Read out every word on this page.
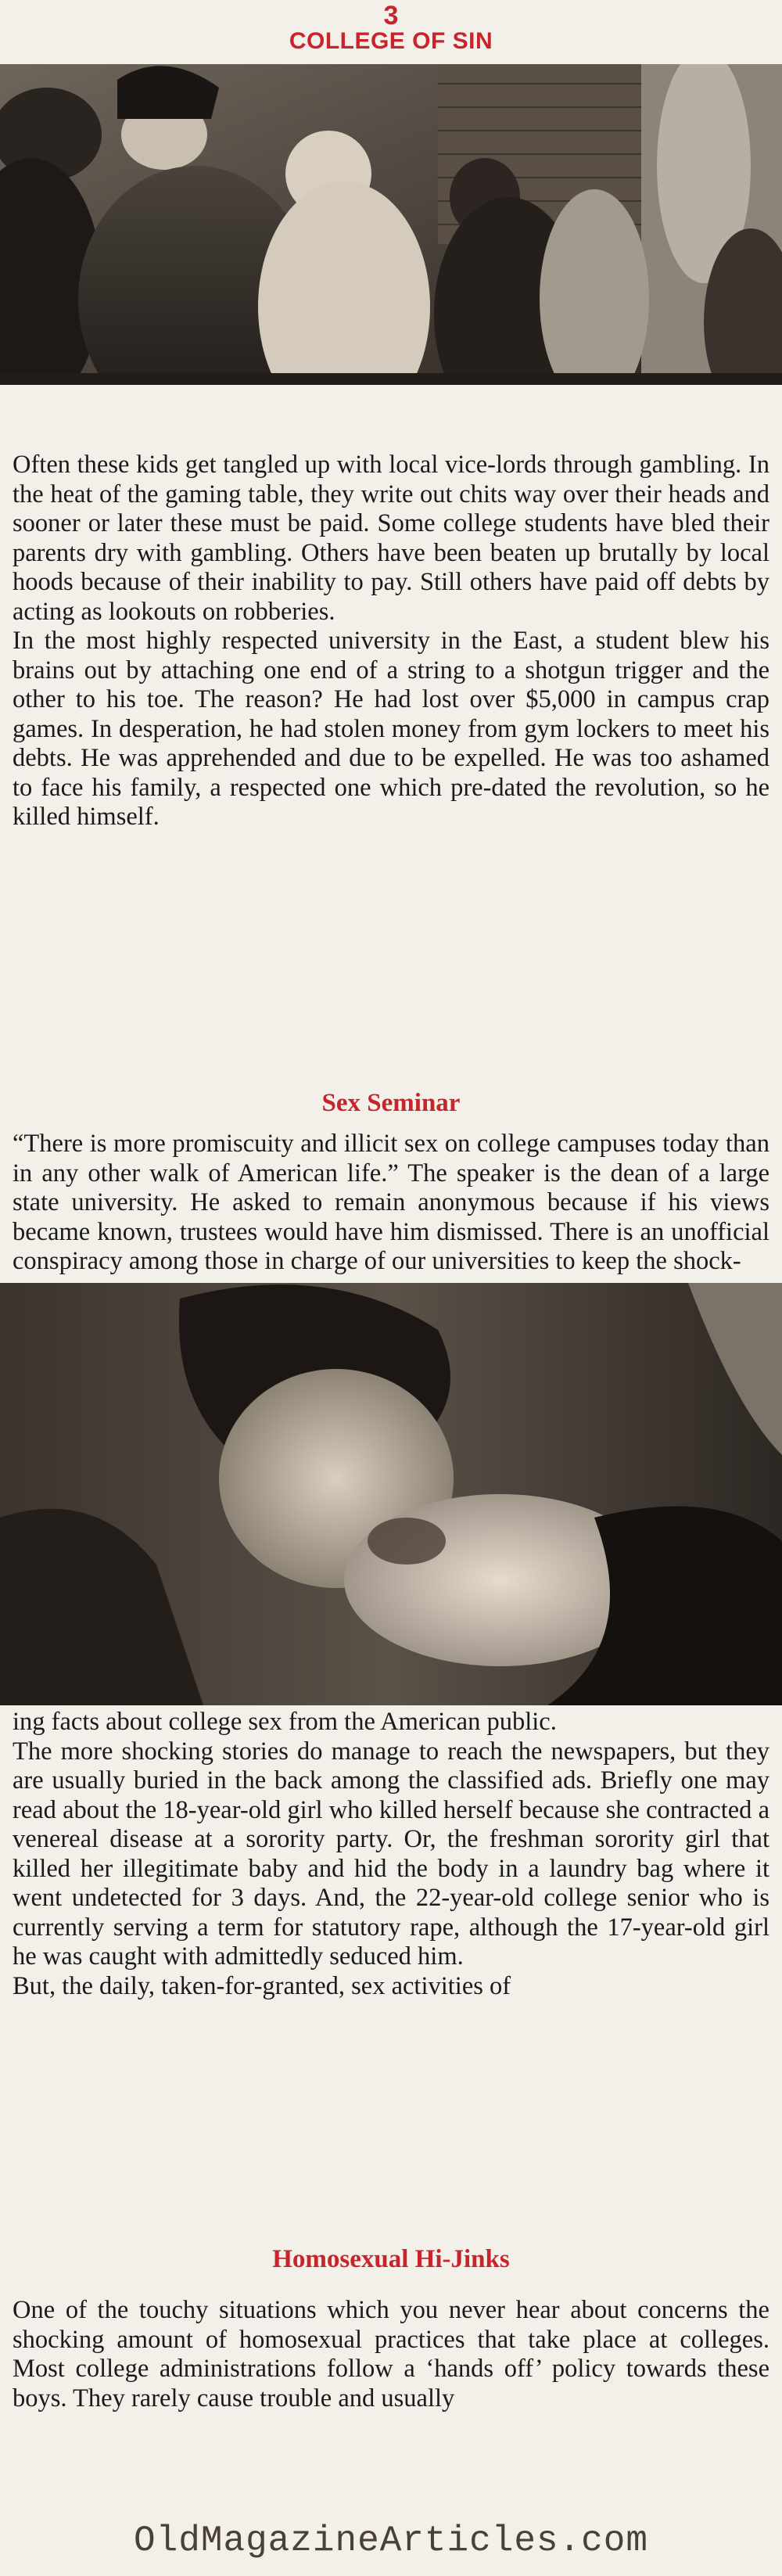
3
COLLEGE OF SIN

Often these kids get tangled up with local vice-lords through gambling. In the heat of the gaming table, they write out chits way over their heads and sooner or later these must be paid. Some college students have bled their parents dry with gambling. Others have been beaten up brutally by local hoods because of their inability to pay. Still others have paid off debts by acting as lookouts on robberies.

In the most highly respected university in the East, a student blew his brains out by attaching one end of a string to a shotgun trigger and the other to his toe. The reason? He had lost over $5,000 in campus crap games. In desperation, he had stolen money from gym lockers to meet his debts. He was apprehended and due to be expelled. He was too ashamed to face his family, a respected one which pre-dated the revolution, so he killed himself.

Sex Seminar

“There is more promiscuity and illicit sex on college campuses today than in any other walk of American life.” The speaker is the dean of a large state university. He asked to remain anonymous because if his views became known, trustees would have him dismissed. There is an unofficial conspiracy among those in charge of our universities to keep the shock-

ing facts about college sex from the American public.

The more shocking stories do manage to reach the newspapers, but they are usually buried in the back among the classified ads. Briefly one may read about the 18-year-old girl who killed herself because she contracted a venereal disease at a sorority party. Or, the freshman sorority girl that killed her illegitimate baby and hid the body in a laundry bag where it went undetected for 3 days. And, the 22-year-old college senior who is currently serving a term for statutory rape, although the 17-year-old girl he was caught with admittedly seduced him.

But, the daily, taken-for-granted, sex activities of

Homosexual Hi-Jinks

One of the touchy situations which you never hear about concerns the shocking amount of homosexual practices that take place at colleges. Most college administrations follow a ‘hands off’ policy towards these boys. They rarely cause trouble and usually

OldMagazineArticles.com
